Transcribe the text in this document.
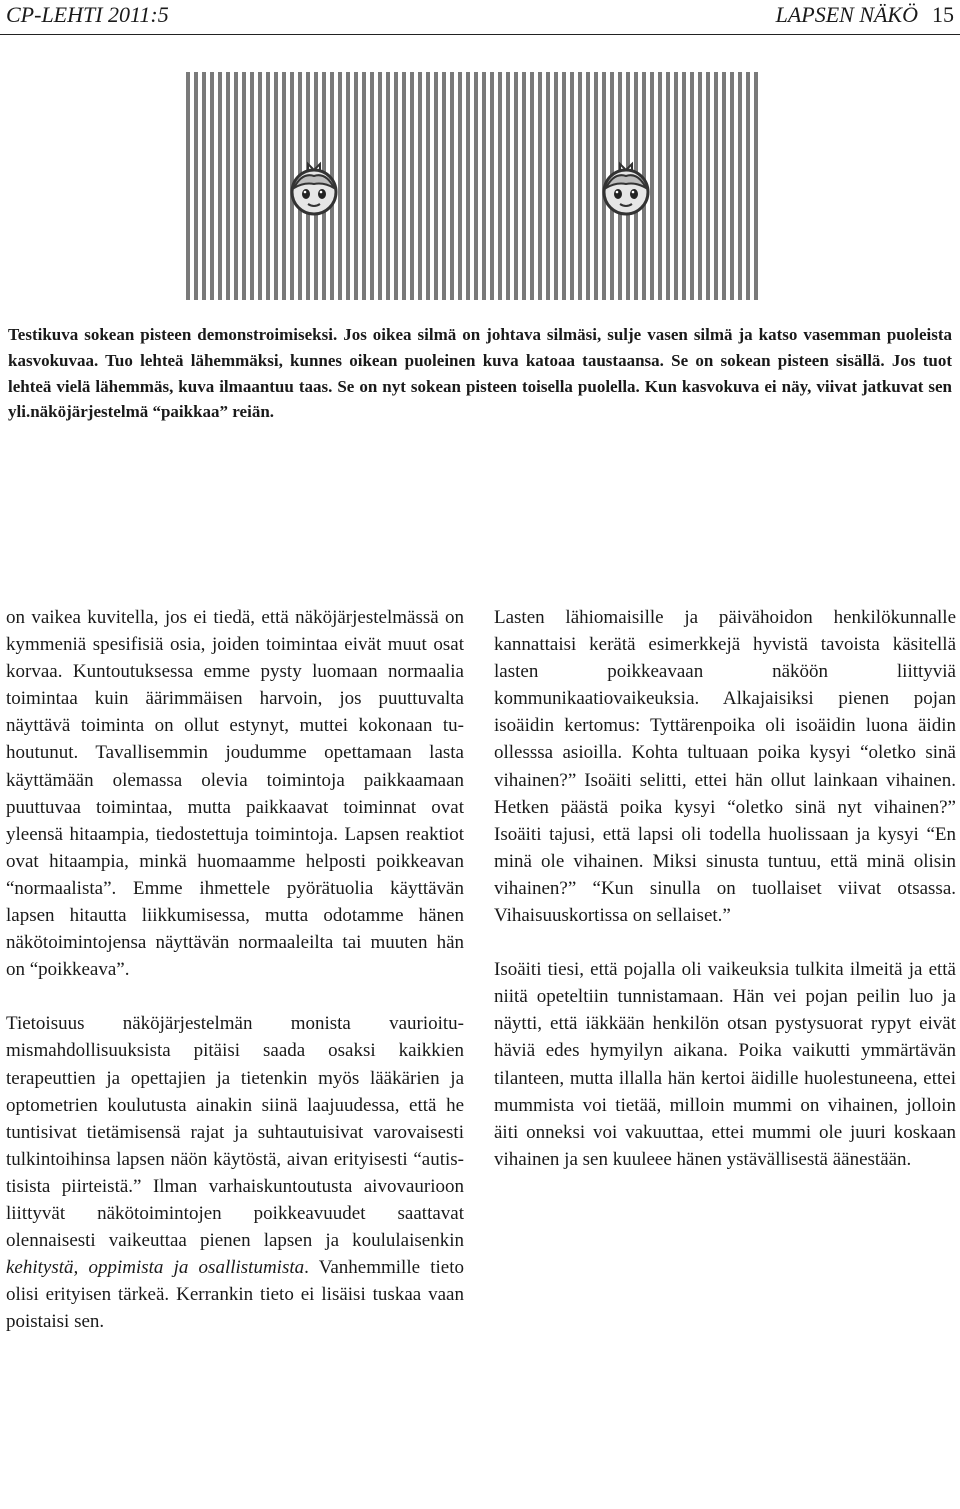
CP-LEHTI 2011:5	LAPSEN NÄKÖ 15
Testikuva sokean pisteen demonstroimiseksi. Jos oikea silmä on johtava silmäsi, sulje vasen silmä ja katso vasemman puoleista kasvokuvaa. Tuo lehteä lähemmäksi, kunnes oikean puoleinen kuva katoaa taustaansa. Se on sokean pisteen sisällä. Jos tuot lehteä vielä lähemmäs, kuva ilmaantuu taas. Se on nyt sokean pisteen toisella puolella. Kun kasvokuva ei näy, viivat jatkuvat sen yli.näköjärjestelmä “paikkaa” reiän.

on vaikea kuvitella, jos ei tiedä, että näköjärjestelmässä on kymmeniä spesifisiä osia, joiden toimintaa eivät muut osat korvaa. Kuntoutuksessa emme pysty luomaan normaalia toimintaa kuin äärimmäisen harvoin, jos puuttuvalta näyttävä toiminta on ollut estynyt, muttei kokonaan tuhoutunut. Tavallisemmin joudumme opettamaan lasta käyttämään olemassa olevia toimintoja paikkaamaan puuttuvaa toimintaa, mutta paikkaavat toiminnat ovat yleensä hitaampia, tiedostettuja toimintoja. Lapsen reaktiot ovat hitaampia, minkä huomaamme helposti poikkeavan “normaalista”. Emme ihmettele pyörätuolia käyttävän lapsen hitautta liikkumisessa, mutta odotamme hänen näkötoimintojensa näyttävän normaaleilta tai muuten hän on “poikkeava”.

Tietoisuus näköjärjestelmän monista vaurioitumismahdollisuuksista pitäisi saada osaksi kaikkien terapeuttien ja opettajien ja tietenkin myös lääkärien ja optometrien koulutusta ainakin siinä laajuudessa, että he tuntisivat tietämisensä rajat ja suhtautuisivat varovaisesti tulkintoihinsa lapsen näön käytöstä, aivan erityisesti “autistisista piirteistä.” Ilman varhaiskuntoutusta aivovaurioon liittyvät näkötoimintojen poikkeavuudet saattavat olennaisesti vaikeuttaa pienen lapsen ja koululaisenkin kehitystä, oppimista ja osallistumista. Vanhemmille tieto olisi erityisen tärkeä. Kerrankin tieto ei lisäisi tuskaa vaan poistaisi sen.

Lasten lähiomaisille ja päivähoidon henkilökunnalle kannattaisi kerätä esimerkkejä hyvistä tavoista käsitellä lasten poikkeavaan näköön liittyviä kommunikaatiovaikeuksia. Alkajaisiksi pienen pojan isoäidin kertomus: Tyttärenpoika oli isoäidin luona äidin ollesssa asioilla. Kohta tultuaan poika kysyi “oletko sinä vihainen?” Isoäiti selitti, ettei hän ollut lainkaan vihainen. Hetken päästä poika kysyi “oletko sinä nyt vihainen?” Isoäiti tajusi, että lapsi oli todella huolissaan ja kysyi “En minä ole vihainen. Miksi sinusta tuntuu, että minä olisin vihainen?” “Kun sinulla on tuollaiset viivat otsassa. Vihaisuuskortissa on sellaiset.”

Isoäiti tiesi, että pojalla oli vaikeuksia tulkita ilmeitä ja että niitä opeteltiin tunnistamaan. Hän vei pojan peilin luo ja näytti, että iäkkään henkilön otsan pystysuorat rypyt eivät häviä edes hymyilyn aikana. Poika vaikutti ymmärtävän tilanteen, mutta illalla hän kertoi äidille huolestuneena, ettei mummista voi tietää, milloin mummi on vihainen, jolloin äiti onneksi voi vakuuttaa, ettei mummi ole juuri koskaan vihainen ja sen kuuleee hänen ystävällisestä äänestään.
